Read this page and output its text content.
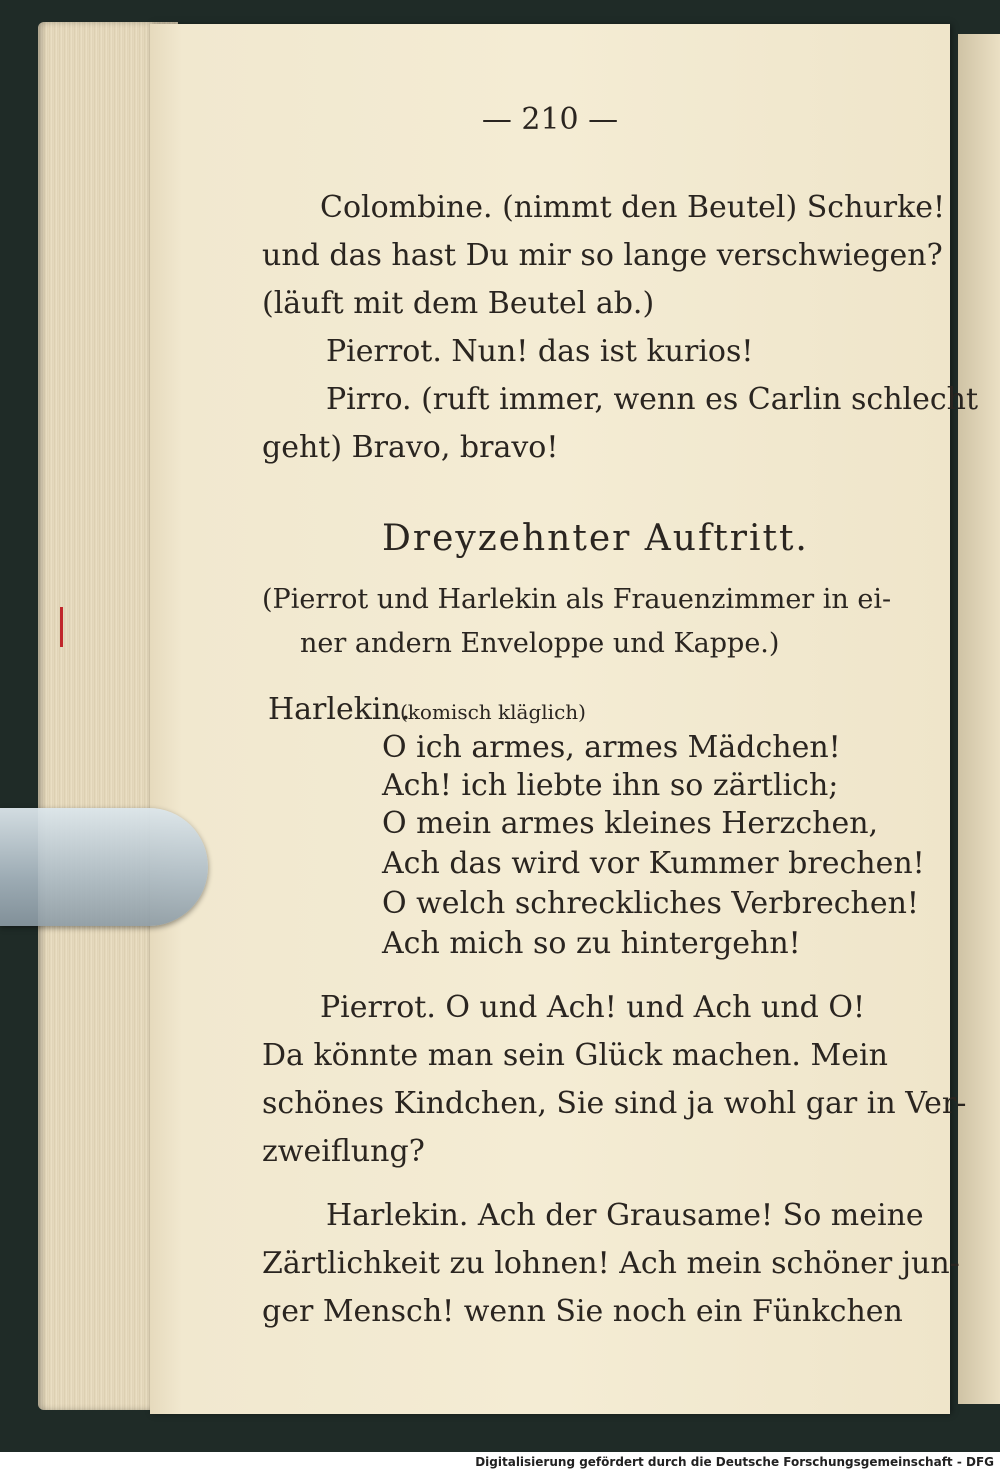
— 210 —
Colombine. (nimmt den Beutel) Schurke!
und das hast Du mir so lange verschwiegen?
(läuft mit dem Beutel ab.)
Pierrot. Nun! das ist kurios!
Pirro. (ruft immer, wenn es Carlin schlecht
geht) Bravo, bravo!
Dreyzehnter Auftritt.
(Pierrot und Harlekin als Frauenzimmer in ei-
ner andern Enveloppe und Kappe.)
Harlekin.
(komisch kläglich)
O ich armes, armes Mädchen!
Ach! ich liebte ihn so zärtlich;
O mein armes kleines Herzchen,
Ach das wird vor Kummer brechen!
O welch schreckliches Verbrechen!
Ach mich so zu hintergehn!
Pierrot. O und Ach! und Ach und O!
Da könnte man sein Glück machen. Mein
schönes Kindchen, Sie sind ja wohl gar in Ver-
zweiflung?
Harlekin. Ach der Grausame! So meine
Zärtlichkeit zu lohnen! Ach mein schöner jun-
ger Mensch! wenn Sie noch ein Fünkchen
Digitalisierung gefördert durch die Deutsche Forschungsgemeinschaft - DFG
